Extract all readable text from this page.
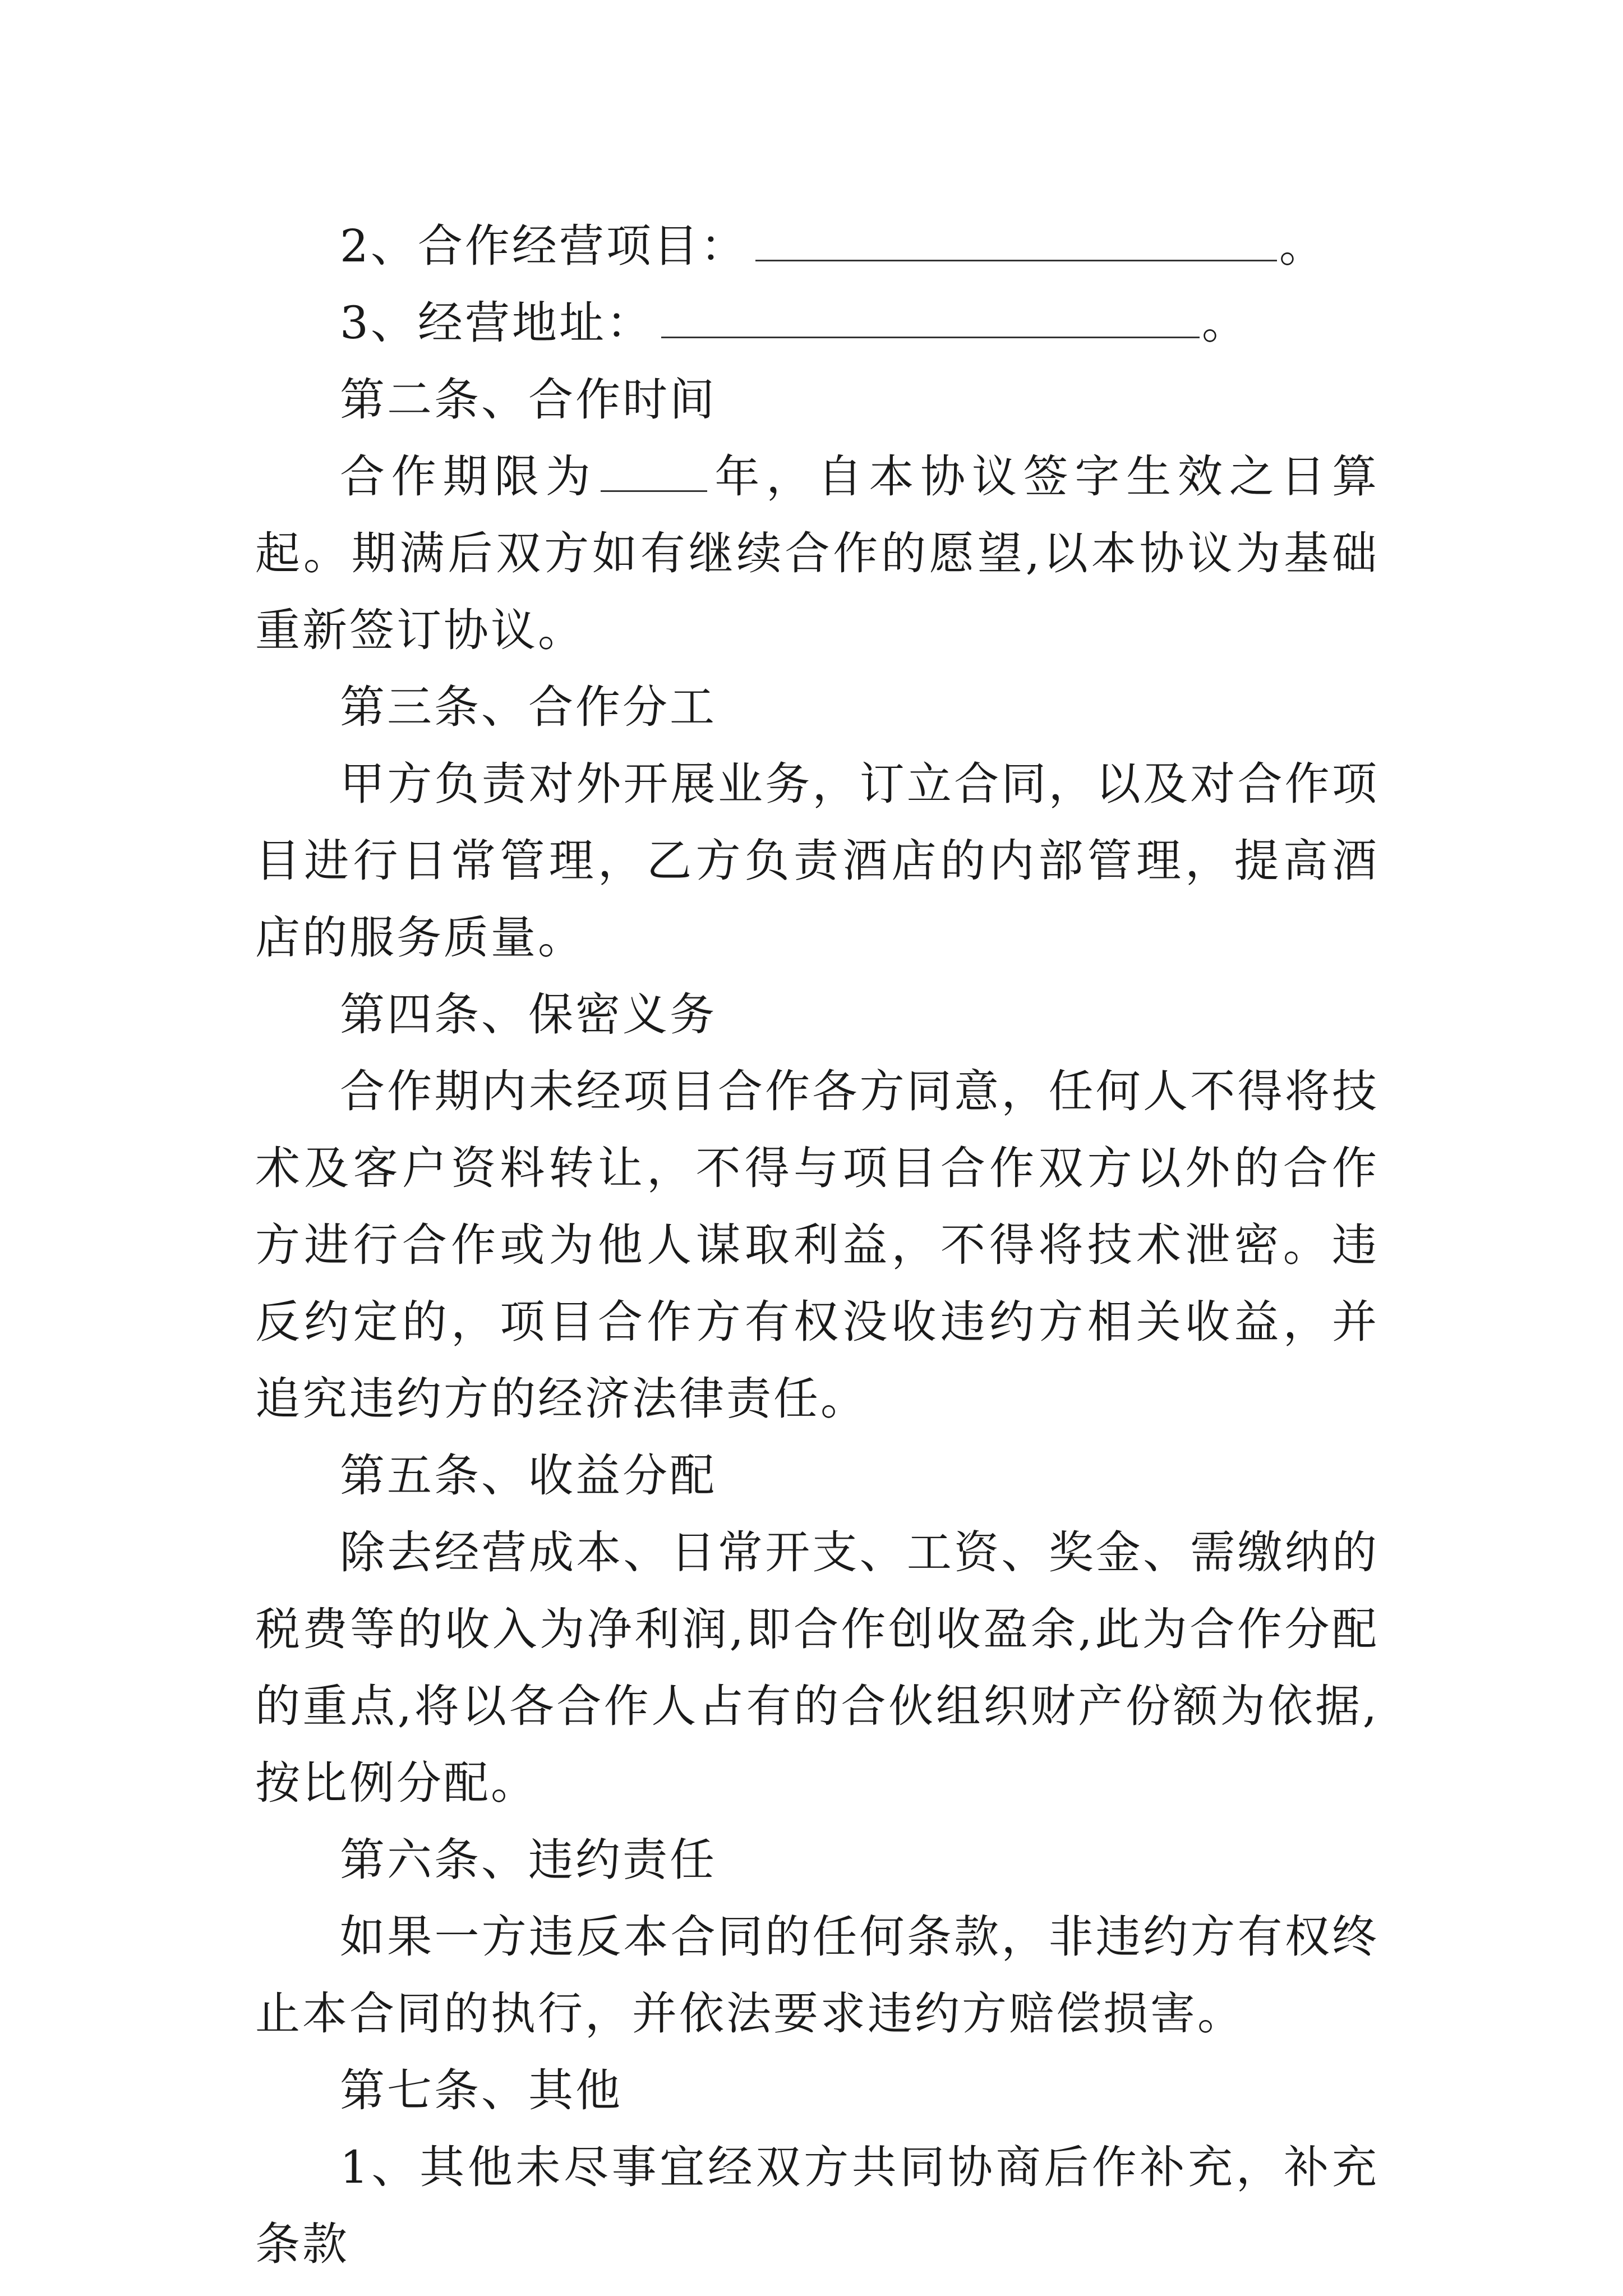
2、合作经营项目：	。

3、经营地址：	。

第二条、合作时间

合作期限为	年，自本协议签字生效之日算起。期满后双方如有继续合作的愿望,以本协议为基础重新签订协议。

第三条、合作分工

甲方负责对外开展业务，订立合同，以及对合作项目进行日常管理，乙方负责酒店的内部管理，提高酒店的服务质量。

第四条、保密义务

合作期内未经项目合作各方同意，任何人不得将技术及客户资料转让，不得与项目合作双方以外的合作方进行合作或为他人谋取利益，不得将技术泄密。违反约定的，项目合作方有权没收违约方相关收益，并追究违约方的经济法律责任。

第五条、收益分配

除去经营成本、日常开支、工资、奖金、需缴纳的税费等的收入为净利润,即合作创收盈余,此为合作分配的重点,将以各合作人占有的合伙组织财产份额为依据,按比例分配。

第六条、违约责任

如果一方违反本合同的任何条款，非违约方有权终止本合同的执行，并依法要求违约方赔偿损害。

第七条、其他

1、其他未尽事宜经双方共同协商后作补充，补充条款
